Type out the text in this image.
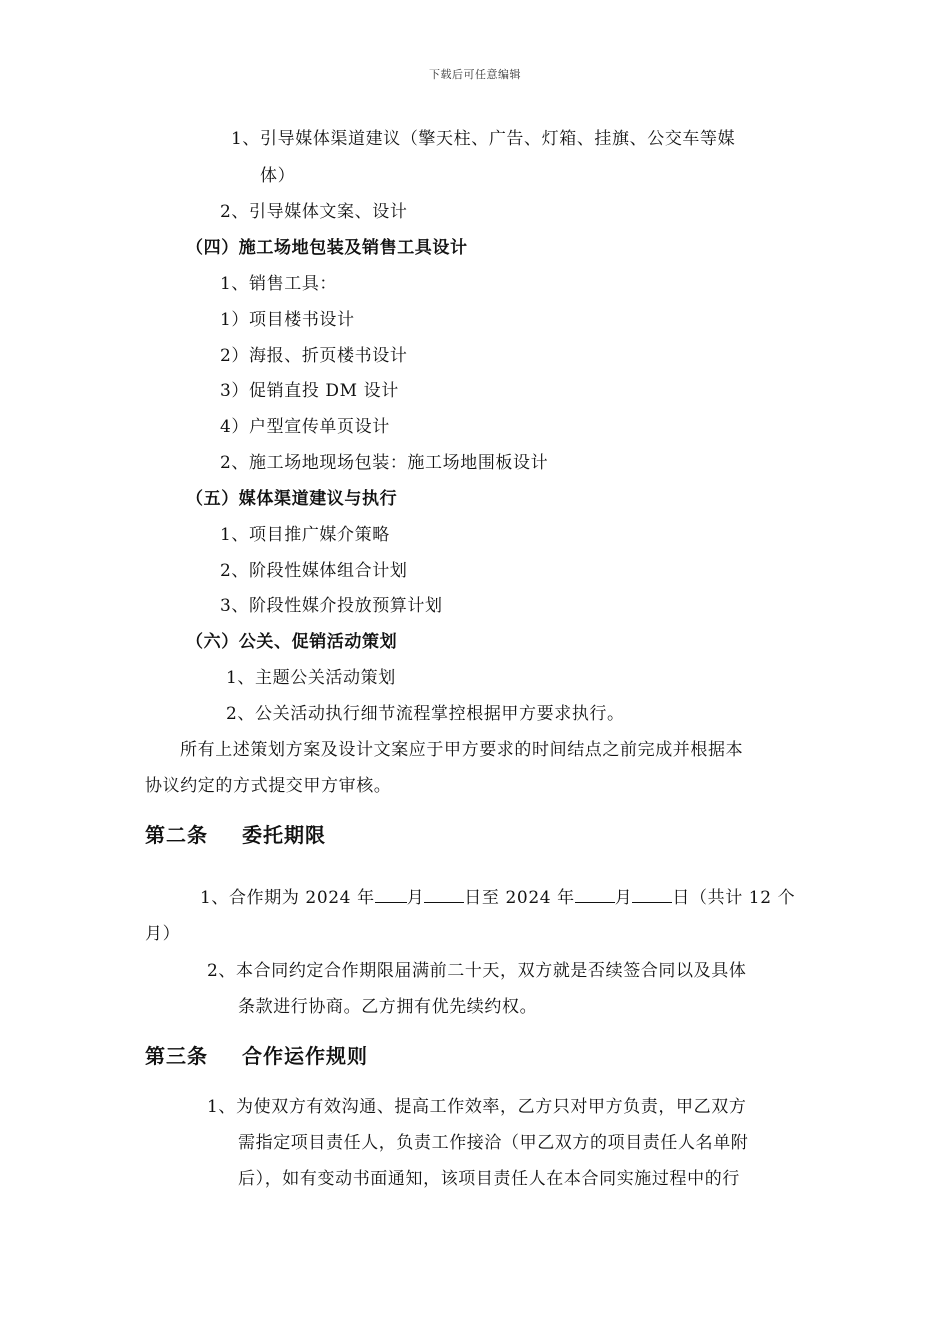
下载后可任意编辑
1、引导媒体渠道建议（擎天柱、广告、灯箱、挂旗、公交车等媒
体）
2、引导媒体文案、设计
（四）施工场地包装及销售工具设计
1、销售工具：
1）项目楼书设计
2）海报、折页楼书设计
3）促销直投 DM 设计
4）户型宣传单页设计
2、施工场地现场包装：施工场地围板设计
（五）媒体渠道建议与执行
1、项目推广媒介策略
2、阶段性媒体组合计划
3、阶段性媒介投放预算计划
（六）公关、促销活动策划
1、主题公关活动策划
2、公关活动执行细节流程掌控根据甲方要求执行。
所有上述策划方案及设计文案应于甲方要求的时间结点之前完成并根据本
协议约定的方式提交甲方审核。
第二条 委托期限
1、合作期为 2024 年 月 日至 2024 年 月 日（共计 12 个
月）
2、本合同约定合作期限届满前二十天，双方就是否续签合同以及具体
条款进行协商。乙方拥有优先续约权。
第三条 合作运作规则
1、为使双方有效沟通、提高工作效率，乙方只对甲方负责，甲乙双方
需指定项目责任人，负责工作接洽（甲乙双方的项目责任人名单附
后），如有变动书面通知，该项目责任人在本合同实施过程中的行
